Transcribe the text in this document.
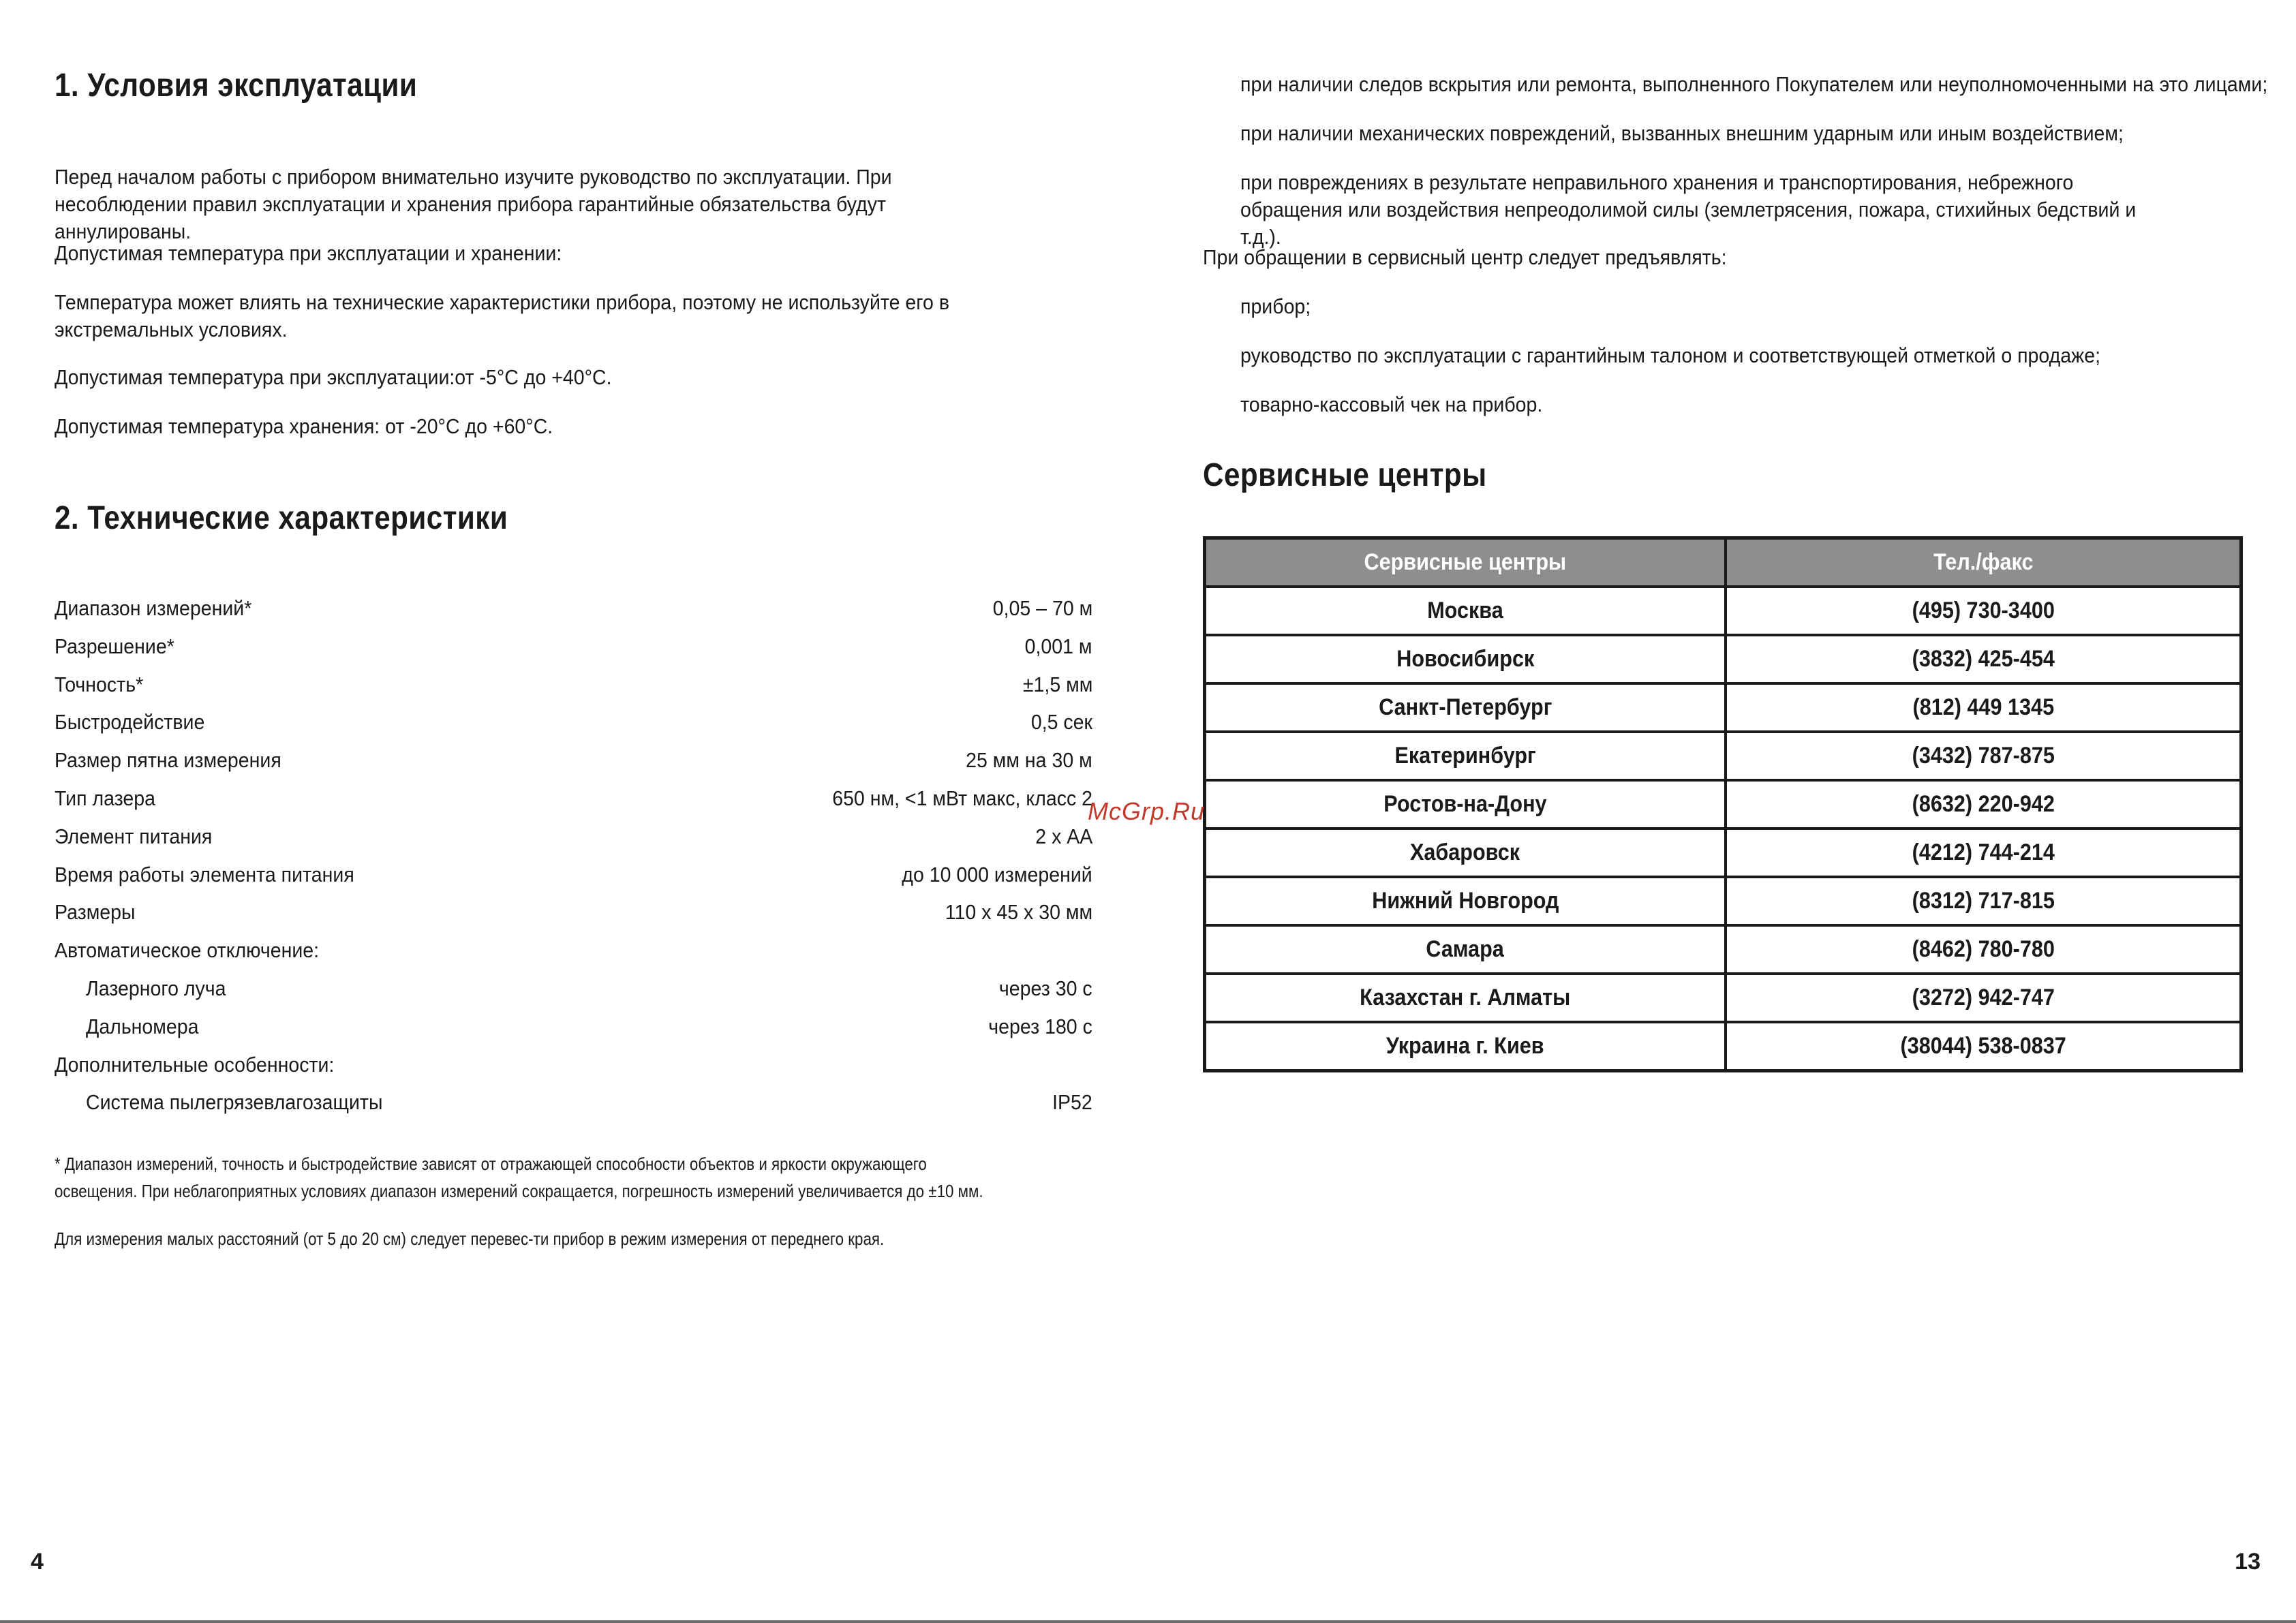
1. Условия эксплуатации

Перед началом работы с прибором внимательно изучите руководство по эксплуатации. При несоблюдении правил эксплуатации и хранения прибора гарантийные обязательства будут аннулированы.

Допустимая температура при эксплуатации и хранении:

Температура может влиять на технические характеристики прибора, поэтому не используйте его в экстремальных условиях.

Допустимая температура при эксплуатации:от -5°С до +40°С.

Допустимая температура хранения: от -20°С до +60°С.

2. Технические характеристики
Диапазон измерений*	0,05 – 70 м
Разрешение*	0,001 м
Точность*	±1,5 мм
Быстродействие	0,5 сек
Размер пятна измерения	25 мм на 30 м
Тип лазера	650 нм, <1 мВт макс, класс 2
Элемент питания	2 х АА
Время работы элемента питания	до 10 000 измерений
Размеры	110 х 45 х 30 мм
Автоматическое отключение:
Лазерного луча	через 30 с
Дальномера	через 180 с
Дополнительные особенности:
Система пылегрязевлагозащиты	IP52

* Диапазон измерений, точность и быстродействие зависят от отражающей способности объектов и яркости окружающего освещения. При неблагоприятных условиях диапазон измерений сокращается, погрешность измерений увеличивается до ±10 мм.

Для измерения малых расстояний (от 5 до 20 см) следует перевес-ти прибор в режим измерения от переднего края.

4

при наличии следов вскрытия или ремонта, выполненного Покупателем или неуполномоченными на это лицами;

при наличии механических повреждений, вызванных внешним ударным или иным воздействием;

при повреждениях в результате неправильного хранения и транспортирования, небрежного обращения или воздействия непреодолимой силы (землетрясения, пожара, стихийных бедствий и т.д.).

При обращении в сервисный центр следует предъявлять:

прибор;

руководство по эксплуатации с гарантийным талоном и соответствующей отметкой о продаже;

товарно-кассовый чек на прибор.

Сервисные центры
Сервисные центры	Тел./факс
Москва	(495) 730-3400
Новосибирск	(3832) 425-454
Санкт-Петербург	(812) 449 1345
Екатеринбург	(3432) 787-875
Ростов-на-Дону	(8632) 220-942
Хабаровск	(4212) 744-214
Нижний Новгород	(8312) 717-815
Самара	(8462) 780-780
Казахстан г. Алматы	(3272) 942-747
Украина г. Киев	(38044) 538-0837
13
McGrp.Ru
